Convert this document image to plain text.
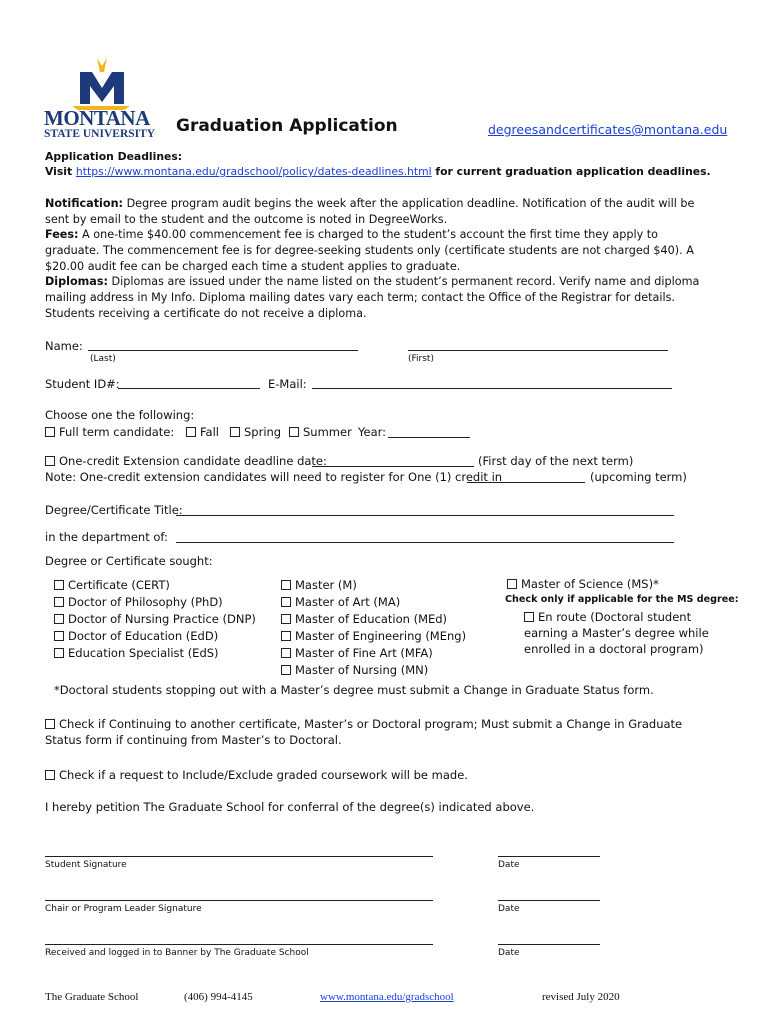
MONTANA
STATE UNIVERSITY Graduation Application	degreesandcertificates@montana.edu
Application Deadlines:
Visit https://www.montana.edu/gradschool/policy/dates-deadlines.html for current graduation application deadlines.
Notification: Degree program audit begins the week after the application deadline. Notification of the audit will be sent by email to the student and the outcome is noted in DegreeWorks.
Fees: A one-time $40.00 commencement fee is charged to the student’s account the first time they apply to graduate. The commencement fee is for degree-seeking students only (certificate students are not charged $40). A $20.00 audit fee can be charged each time a student applies to graduate.
Diplomas: Diplomas are issued under the name listed on the student’s permanent record. Verify name and diploma mailing address in My Info. Diploma mailing dates vary each term; contact the Office of the Registrar for details. Students receiving a certificate do not receive a diploma.
Name:
(Last)	(First)
Student ID#:	E-Mail:
Choose one the following:
Full term candidate:	Fall	Spring	Summer Year:
One-credit Extension candidate deadline date:	(First day of the next term)
Note: One-credit extension candidates will need to register for One (1) credit in	(upcoming term)
Degree/Certificate Title:
in the department of:
Degree or Certificate sought:
Certificate (CERT)
Doctor of Philosophy (PhD)
Doctor of Nursing Practice (DNP)
Doctor of Education (EdD)
Education Specialist (EdS)
Master (M)
Master of Art (MA)
Master of Education (MEd)
Master of Engineering (MEng)
Master of Fine Art (MFA)
Master of Nursing (MN)
Master of Science (MS)*
Check only if applicable for the MS degree:
En route (Doctoral student
earning a Master’s degree while
enrolled in a doctoral program)
*Doctoral students stopping out with a Master’s degree must submit a Change in Graduate Status form.
Check if Continuing to another certificate, Master’s or Doctoral program; Must submit a Change in Graduate Status form if continuing from Master’s to Doctoral.
Check if a request to Include/Exclude graded coursework will be made.
I hereby petition The Graduate School for conferral of the degree(s) indicated above.
Student Signature	Date
Chair or Program Leader Signature	Date
Received and logged in to Banner by The Graduate School	Date
The Graduate School	(406) 994-4145	www.montana.edu/gradschool	revised July 2020
